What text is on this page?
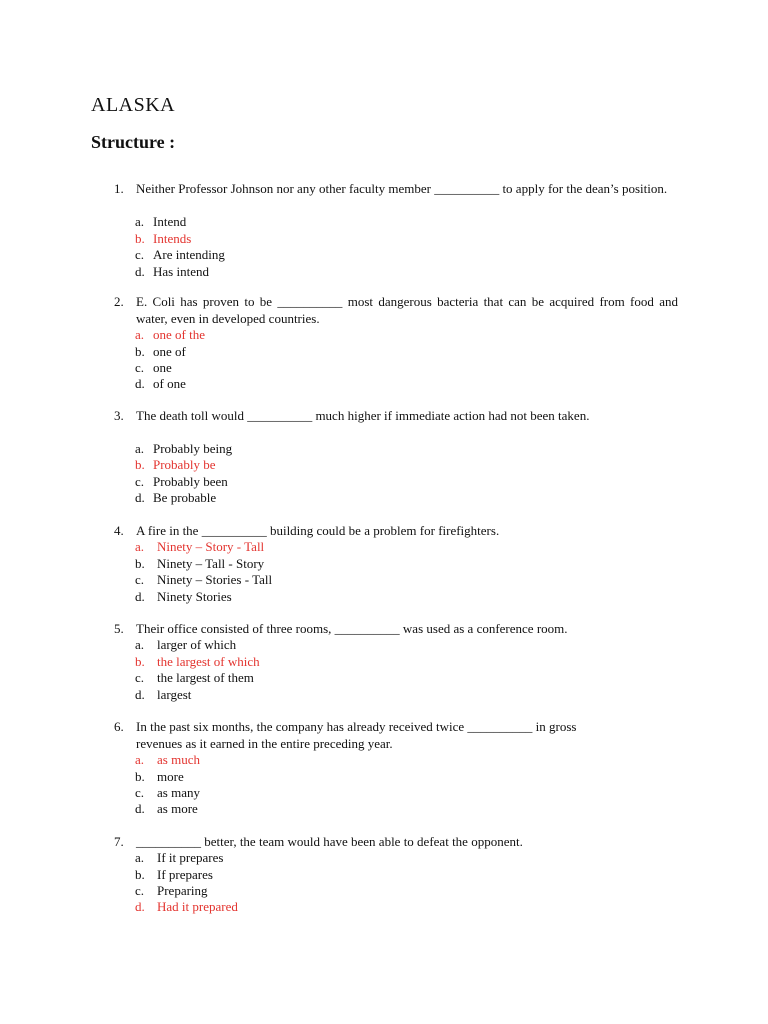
ALASKA
Structure :
1. Neither Professor Johnson nor any other faculty member __________ to apply for the dean’s position.
a. Intend
b. Intends
c. Are intending
d. Has intend
2. E. Coli has proven to be __________ most dangerous bacteria that can be acquired from food and water, even in developed countries.
a. one of the
b. one of
c. one
d. of one
3. The death toll would __________ much higher if immediate action had not been taken.
a. Probably being
b. Probably be
c. Probably been
d. Be probable
4. A fire in the __________ building could be a problem for firefighters.
a. Ninety – Story - Tall
b. Ninety – Tall - Story
c. Ninety – Stories - Tall
d. Ninety Stories
5. Their office consisted of three rooms, __________ was used as a conference room.
a. larger of which
b. the largest of which
c. the largest of them
d. largest
6. In the past six months, the company has already received twice __________ in gross revenues as it earned in the entire preceding year.
a. as much
b. more
c. as many
d. as more
7. __________ better, the team would have been able to defeat the opponent.
a. If it prepares
b. If prepares
c. Preparing
d. Had it prepared
